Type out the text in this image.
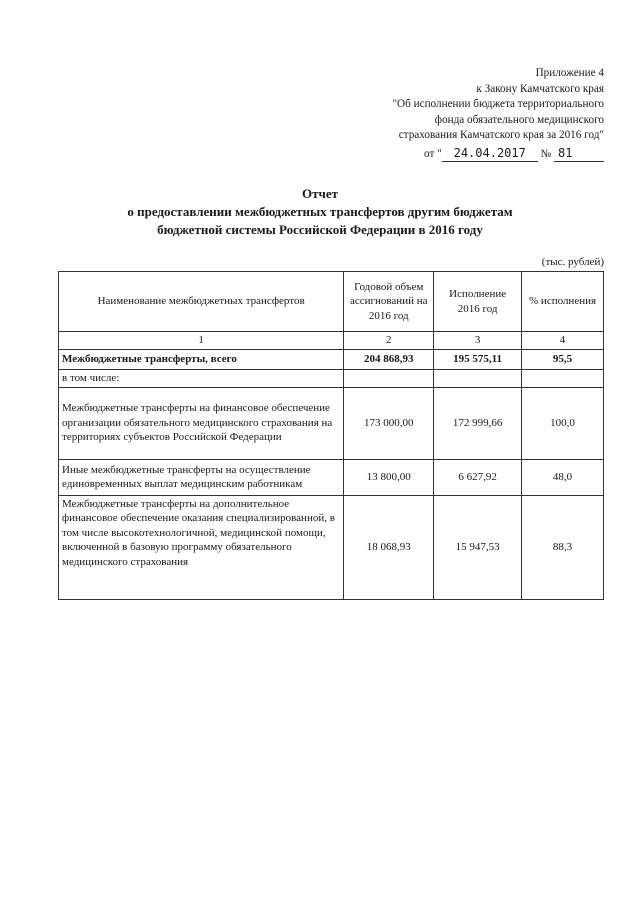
Приложение 4
к Закону Камчатского края
"Об исполнении бюджета территориального
фонда обязательного медицинского
страхования Камчатского края за 2016 год"
от " 24.04.2017 № 81
Отчет
о предоставлении межбюджетных трансфертов другим бюджетам
бюджетной системы Российской Федерации в 2016 году
(тыс. рублей)
Наименование межбюджетных трансфертов	Годовой объем ассигнований на 2016 год	Исполнение 2016 год	% исполнения
1	2	3	4
Межбюджетные трансферты, всего	204 868,93	195 575,11	95,5
в том числе:			
Межбюджетные трансферты на финансовое обеспечение организации обязательного медицинского страхования на территориях субъектов Российской Федерации	173 000,00	172 999,66	100,0
Иные межбюджетные трансферты на осуществление единовременных выплат медицинским работникам	13 800,00	6 627,92	48,0
Межбюджетные трансферты на дополнительное финансовое обеспечение оказания специализированной, в том числе высокотехнологичной, медицинской помощи, включенной в базовую программу обязательного медицинского страхования	18 068,93	15 947,53	88,3
